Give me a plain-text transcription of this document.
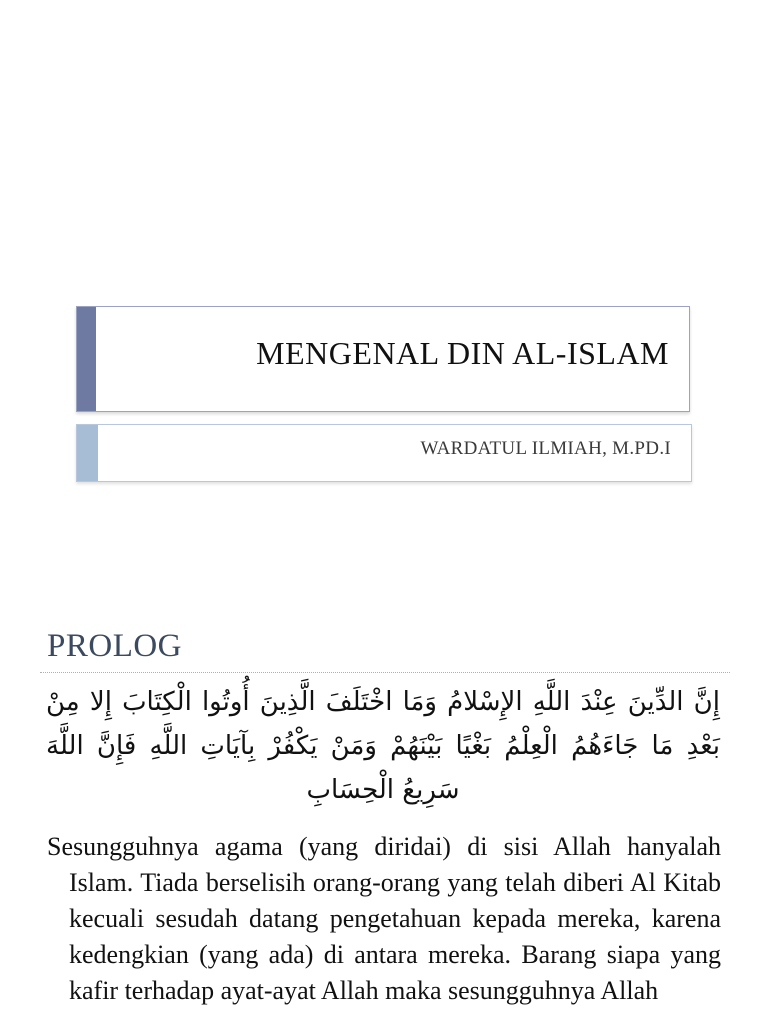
MENGENAL DIN AL-ISLAM
WARDATUL ILMIAH, M.PD.I
PROLOG
إِنَّ الدِّينَ عِنْدَ اللَّهِ الإِسْلامُ وَمَا اخْتَلَفَ الَّذِينَ أُوتُوا الْكِتَابَ إِلا مِنْ بَعْدِ مَا جَاءَهُمُ الْعِلْمُ بَغْيًا بَيْنَهُمْ وَمَنْ يَكْفُرْ بِآيَاتِ اللَّهِ فَإِنَّ اللَّهَ سَرِيعُ الْحِسَابِ
Sesungguhnya agama (yang diridai) di sisi Allah hanyalah Islam. Tiada berselisih orang-orang yang telah diberi Al Kitab kecuali sesudah datang pengetahuan kepada mereka, karena kedengkian (yang ada) di antara mereka. Barang siapa yang kafir terhadap ayat-ayat Allah maka sesungguhnya Allah
